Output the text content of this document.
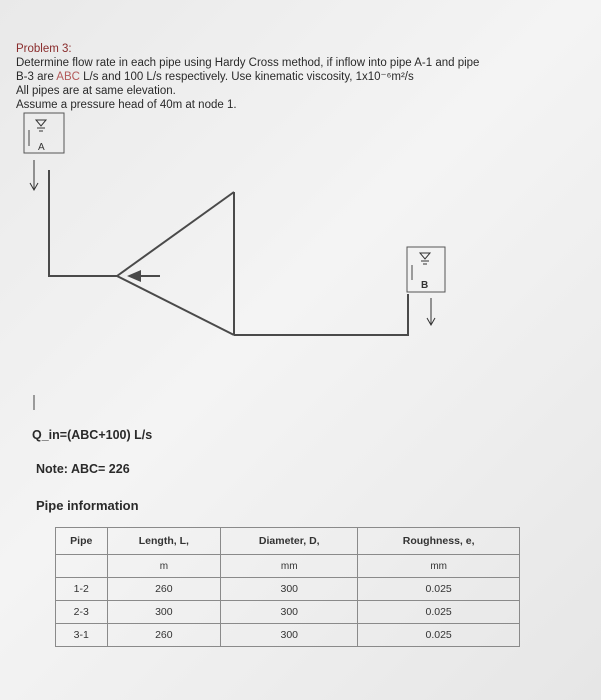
Problem 3:
Determine flow rate in each pipe using Hardy Cross method, if inflow into pipe A-1 and pipe
B-3 are ABC L/s and 100 L/s respectively. Use kinematic viscosity, 1x10⁻⁶m²/s
All pipes are at same elevation.
Assume a pressure head of 40m at node 1.
A
B
Q_in=(ABC+100) L/s
Note: ABC= 226
Pipe information
Pipe	Length, L,	Diameter, D,	Roughness, e,
	m	mm	mm
1-2	260	300	0.025
2-3	300	300	0.025
3-1	260	300	0.025
